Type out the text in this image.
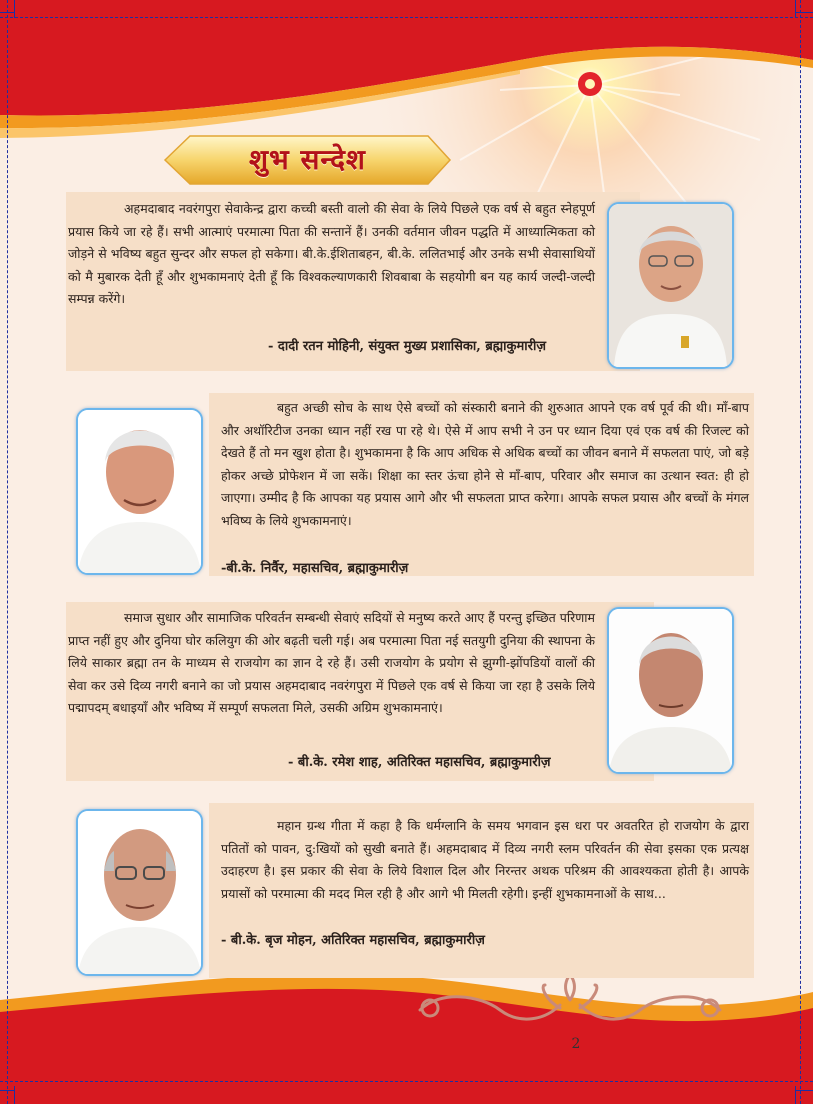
शुभ सन्देश

अहमदाबाद नवरंगपुरा सेवाकेन्द्र द्वारा कच्ची बस्ती वालो की सेवा के लिये पिछले एक वर्ष से बहुत स्नेहपूर्ण प्रयास किये जा रहे हैं। सभी आत्माएं परमात्मा पिता की सन्तानें हैं। उनकी वर्तमान जीवन पद्धति में आध्यात्मिकता को जोड़ने से भविष्य बहुत सुन्दर और सफल हो सकेगा। बी.के.ईशिताबहन, बी.के. ललितभाई और उनके सभी सेवासाथियों को मै मुबारक देती हूँ और शुभकामनाएं देती हूँ कि विश्वकल्याणकारी शिवबाबा के सहयोगी बन यह कार्य जल्दी-जल्दी सम्पन्न करेंगे।

- दादी रतन मोहिनी, संयुक्त मुख्य प्रशासिका, ब्रह्माकुमारीज़

बहुत अच्छी सोच के साथ ऐसे बच्चों को संस्कारी बनाने की शुरुआत आपने एक वर्ष पूर्व की थी। माँ-बाप और अथॉरिटीज उनका ध्यान नहीं रख पा रहे थे। ऐसे में आप सभी ने उन पर ध्यान दिया एवं एक वर्ष की रिजल्ट को देखते हैं तो मन खुश होता है। शुभकामना है कि आप अधिक से अधिक बच्चों का जीवन बनाने में सफलता पाएं, जो बड़े होकर अच्छे प्रोफेशन में जा सकें। शिक्षा का स्तर ऊंचा होने से माँ-बाप, परिवार और समाज का उत्थान स्वत: ही हो जाएगा। उम्मीद है कि आपका यह प्रयास आगे और भी सफलता प्राप्त करेगा। आपके सफल प्रयास और बच्चों के मंगल भविष्य के लिये शुभकामनाएं।

-बी.के. निर्वैर, महासचिव, ब्रह्माकुमारीज़

समाज सुधार और सामाजिक परिवर्तन सम्बन्धी सेवाएं सदियों से मनुष्य करते आए हैं परन्तु इच्छित परिणाम प्राप्त नहीं हुए और दुनिया घोर कलियुग की ओर बढ़ती चली गई। अब परमात्मा पिता नई सतयुगी दुनिया की स्थापना के लिये साकार ब्रह्मा तन के माध्यम से राजयोग का ज्ञान दे रहे हैं। उसी राजयोग के प्रयोग से झुग्गी-झोंपडियों वालों की सेवा कर उसे दिव्य नगरी बनाने का जो प्रयास अहमदाबाद नवरंगपुरा में पिछले एक वर्ष से किया जा रहा है उसके लिये पद्मापदम् बधाइयाँ और भविष्य में सम्पूर्ण सफलता मिले, उसकी अग्रिम शुभकामनाएं।

- बी.के. रमेश शाह, अतिरिक्त महासचिव, ब्रह्माकुमारीज़

महान ग्रन्थ गीता में कहा है कि धर्मग्लानि के समय भगवान इस धरा पर अवतरित हो राजयोग के द्वारा पतितों को पावन, दु:खियों को सुखी बनाते हैं। अहमदाबाद में दिव्य नगरी स्लम परिवर्तन की सेवा इसका एक प्रत्यक्ष उदाहरण है। इस प्रकार की सेवा के लिये विशाल दिल और निरन्तर अथक परिश्रम की आवश्यकता होती है। आपके प्रयासों को परमात्मा की मदद मिल रही है और आगे भी मिलती रहेगी। इन्हीं शुभकामनाओं के साथ...

- बी.के. बृज मोहन, अतिरिक्त महासचिव, ब्रह्माकुमारीज़
2
